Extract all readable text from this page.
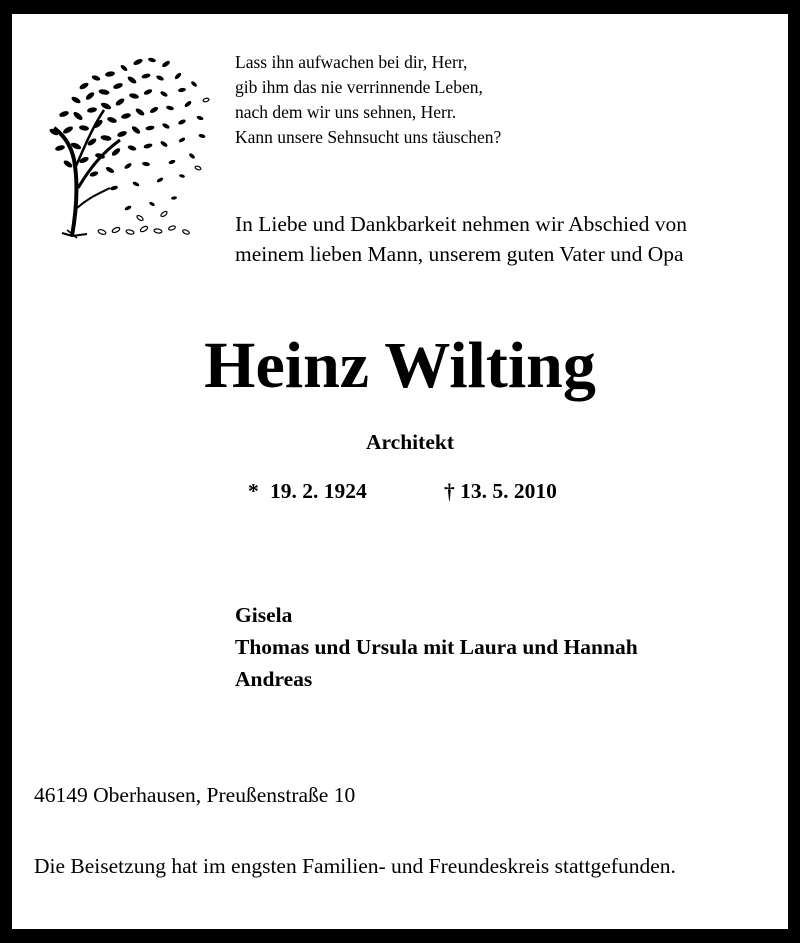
Lass ihn aufwachen bei dir, Herr,
gib ihm das nie verrinnende Leben,
nach dem wir uns sehnen, Herr.
Kann unsere Sehnsucht uns täuschen?
In Liebe und Dankbarkeit nehmen wir Abschied von
meinem lieben Mann, unserem guten Vater und Opa
Heinz Wilting
Architekt
* 19. 2. 1924	† 13. 5. 2010
Gisela
Thomas und Ursula mit Laura und Hannah
Andreas
46149 Oberhausen, Preußenstraße 10
Die Beisetzung hat im engsten Familien- und Freundeskreis stattgefunden.
